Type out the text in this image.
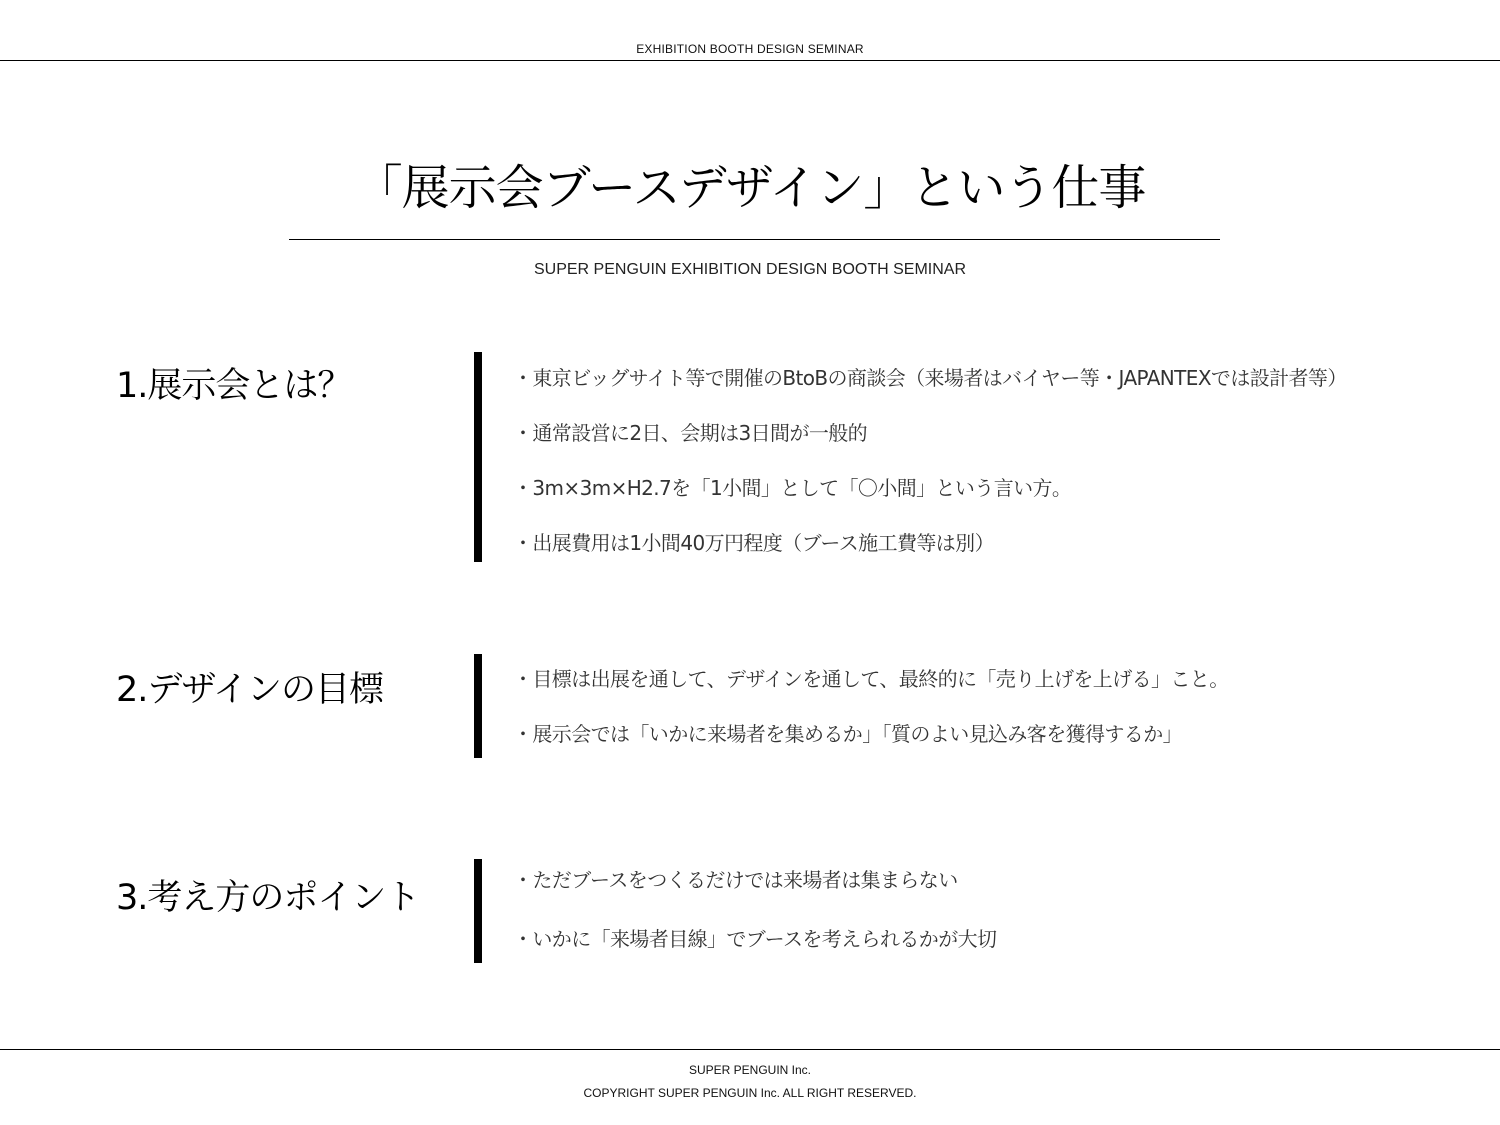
EXHIBITION BOOTH DESIGN SEMINAR
「展示会ブースデザイン」という仕事
SUPER PENGUIN EXHIBITION DESIGN BOOTH SEMINAR
1.展示会とは？	・東京ビッグサイト等で開催のBtoBの商談会（来場者はバイヤー等・JAPANTEXでは設計者等）
・通常設営に2日、会期は3日間が一般的
・3m×3m×H2.7を「1小間」として「〇小間」という言い方。
・出展費用は1小間40万円程度（ブース施工費等は別）
2.デザインの目標	・目標は出展を通して、デザインを通して、最終的に「売り上げを上げる」こと。
・展示会では「いかに来場者を集めるか」「質のよい見込み客を獲得するか」
3.考え方のポイント	・ただブースをつくるだけでは来場者は集まらない
・いかに「来場者目線」でブースを考えられるかが大切
SUPER PENGUIN Inc.
COPYRIGHT SUPER PENGUIN Inc. ALL RIGHT RESERVED.
